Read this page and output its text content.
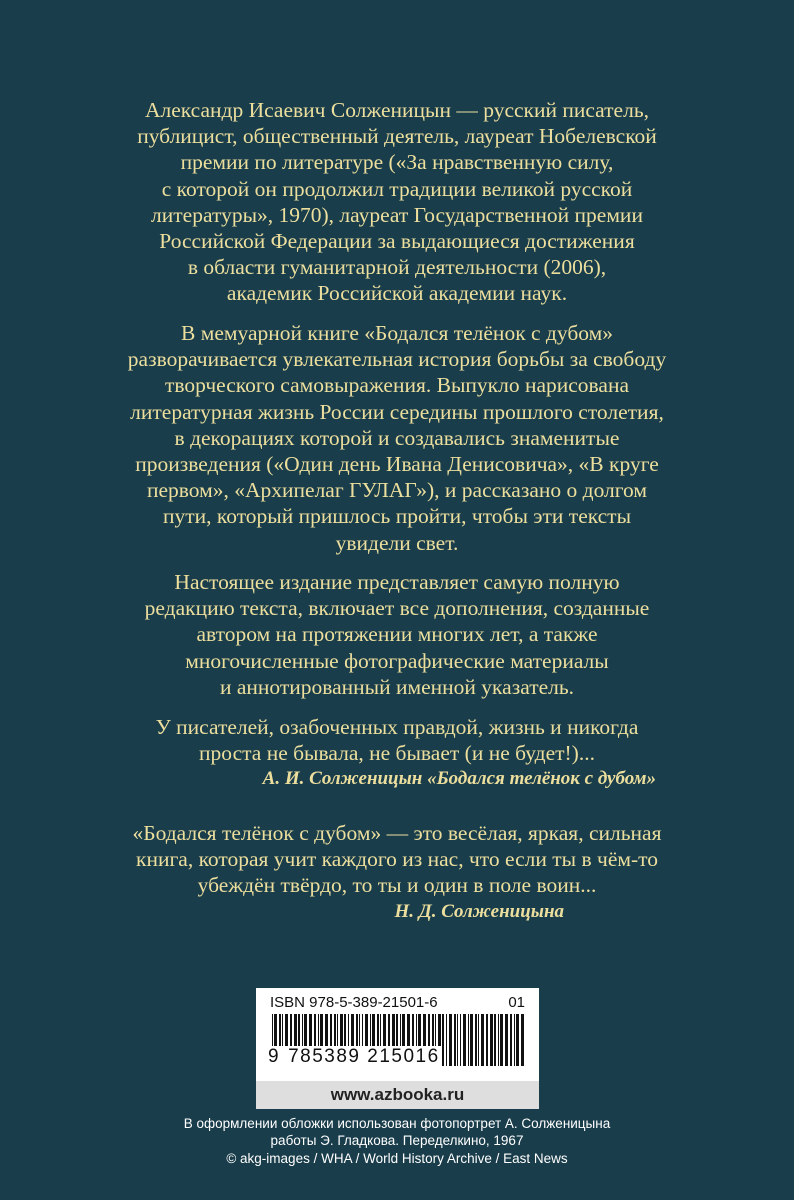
Александр Исаевич Солженицын — русский писатель,
публицист, общественный деятель, лауреат Нобелевской
премии по литературе («За нравственную силу,
с которой он продолжил традиции великой русской
литературы», 1970), лауреат Государственной премии
Российской Федерации за выдающиеся достижения
в области гуманитарной деятельности (2006),
академик Российской академии наук.
В мемуарной книге «Бодался телёнок с дубом»
разворачивается увлекательная история борьбы за свободу
творческого самовыражения. Выпукло нарисована
литературная жизнь России середины прошлого столетия,
в декорациях которой и создавались знаменитые
произведения («Один день Ивана Денисовича», «В круге
первом», «Архипелаг ГУЛАГ»), и рассказано о долгом
пути, который пришлось пройти, чтобы эти тексты
увидели свет.
Настоящее издание представляет самую полную
редакцию текста, включает все дополнения, созданные
автором на протяжении многих лет, а также
многочисленные фотографические материалы
и аннотированный именной указатель.
У писателей, озабоченных правдой, жизнь и никогда
проста не бывала, не бывает (и не будет!)...
А. И. Солженицын «Бодался телёнок с дубом»
«Бодался телёнок с дубом» — это весёлая, яркая, сильная
книга, которая учит каждого из нас, что если ты в чём-то
убеждён твёрдо, то ты и один в поле воин...
Н. Д. Солженицына
ISBN 978-5-389-21501-6	01
9 785389 215016
www.azbooka.ru
В оформлении обложки использован фотопортрет А. Солженицына
работы Э. Гладкова. Переделкино, 1967
© akg-images / WHA / World History Archive / East News
